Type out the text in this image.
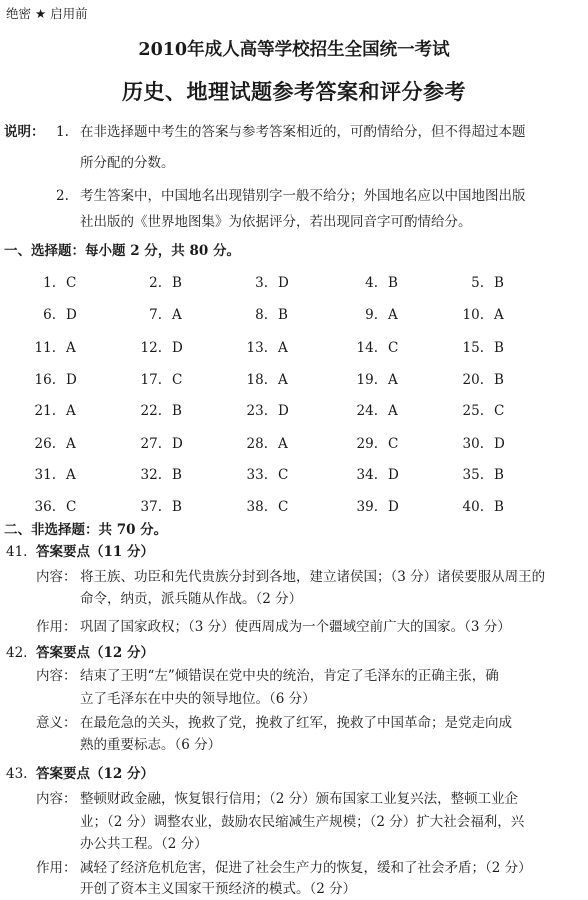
绝密 ★ 启用前
2010年成人高等学校招生全国统一考试
历史、地理试题参考答案和评分参考
说明： 1. 在非选择题中考生的答案与参考答案相近的，可酌情给分，但不得超过本题
所分配的分数。
2. 考生答案中，中国地名出现错别字一般不给分；外国地名应以中国地图出版
社出版的《世界地图集》为依据评分，若出现同音字可酌情给分。
一、选择题：每小题 2 分，共 80 分。
1. C	2. B	3. D	4. B	5. B
6. D	7. A	8. B	9. A	10. A
11. A	12. D	13. A	14. C	15. B
16. D	17. C	18. A	19. A	20. B
21. A	22. B	23. D	24. A	25. C
26. A	27. D	28. A	29. C	30. D
31. A	32. B	33. C	34. D	35. B
36. C	37. B	38. C	39. D	40. B
二、非选择题：共 70 分。
41. 答案要点（11 分）
内容： 将王族、功臣和先代贵族分封到各地，建立诸侯国；（3 分）诸侯要服从周王的
命令，纳贡，派兵随从作战。（2 分）
作用： 巩固了国家政权；（3 分）使西周成为一个疆域空前广大的国家。（3 分）
42. 答案要点（12 分）
内容： 结束了王明“左”倾错误在党中央的统治，肯定了毛泽东的正确主张，确
立了毛泽东在中央的领导地位。（6 分）
意义： 在最危急的关头，挽救了党，挽救了红军，挽救了中国革命；是党走向成
熟的重要标志。（6 分）
43. 答案要点（12 分）
内容： 整顿财政金融，恢复银行信用；（2 分）颁布国家工业复兴法，整顿工业企
业；（2 分）调整农业，鼓励农民缩减生产规模；（2 分）扩大社会福利，兴
办公共工程。（2 分）
作用： 减轻了经济危机危害，促进了社会生产力的恢复，缓和了社会矛盾；（2 分）
开创了资本主义国家干预经济的模式。（2 分）
